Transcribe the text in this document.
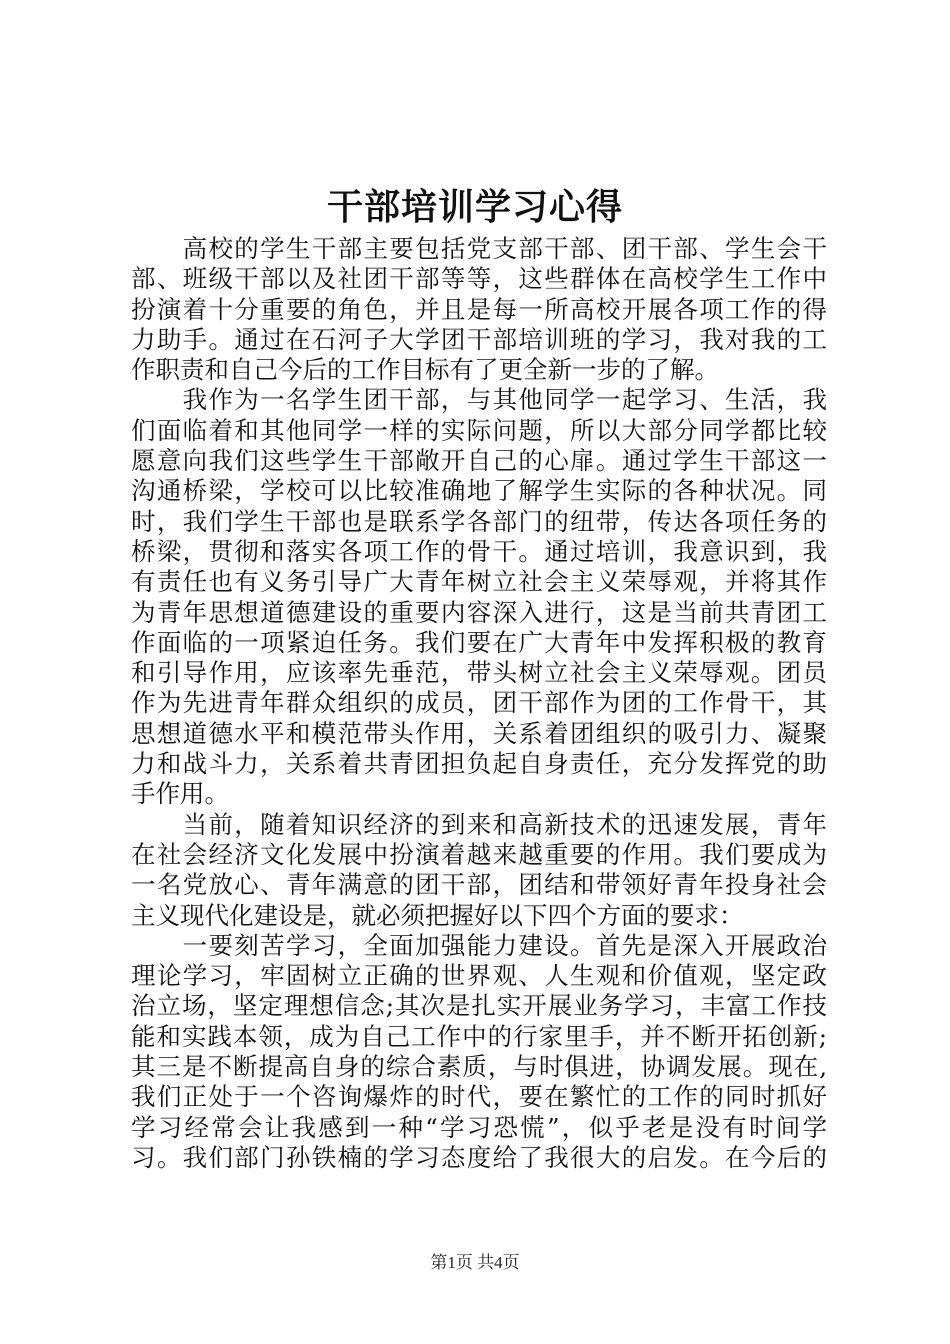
干部培训学习心得
　　高校的学生干部主要包括党支部干部、团干部、学生会干
部、班级干部以及社团干部等等，这些群体在高校学生工作中
扮演着十分重要的角色，并且是每一所高校开展各项工作的得
力助手。通过在石河子大学团干部培训班的学习，我对我的工
作职责和自己今后的工作目标有了更全新一步的了解。
　　我作为一名学生团干部，与其他同学一起学习、生活，我
们面临着和其他同学一样的实际问题，所以大部分同学都比较
愿意向我们这些学生干部敞开自己的心扉。通过学生干部这一
沟通桥梁，学校可以比较准确地了解学生实际的各种状况。同
时，我们学生干部也是联系学各部门的纽带，传达各项任务的
桥梁，贯彻和落实各项工作的骨干。通过培训，我意识到，我
有责任也有义务引导广大青年树立社会主义荣辱观，并将其作
为青年思想道德建设的重要内容深入进行，这是当前共青团工
作面临的一项紧迫任务。我们要在广大青年中发挥积极的教育
和引导作用，应该率先垂范，带头树立社会主义荣辱观。团员
作为先进青年群众组织的成员，团干部作为团的工作骨干，其
思想道德水平和模范带头作用，关系着团组织的吸引力、凝聚
力和战斗力，关系着共青团担负起自身责任，充分发挥党的助
手作用。
　　当前，随着知识经济的到来和高新技术的迅速发展，青年
在社会经济文化发展中扮演着越来越重要的作用。我们要成为
一名党放心、青年满意的团干部，团结和带领好青年投身社会
主义现代化建设是，就必须把握好以下四个方面的要求：
　　一要刻苦学习，全面加强能力建设。首先是深入开展政治
理论学习，牢固树立正确的世界观、人生观和价值观，坚定政
治立场，坚定理想信念;其次是扎实开展业务学习，丰富工作技
能和实践本领，成为自己工作中的行家里手，并不断开拓创新;
其三是不断提高自身的综合素质，与时俱进，协调发展。现在,
我们正处于一个咨询爆炸的时代，要在繁忙的工作的同时抓好
学习经常会让我感到一种“学习恐慌”，似乎老是没有时间学
习。我们部门孙铁楠的学习态度给了我很大的启发。在今后的
第1页 共4页
